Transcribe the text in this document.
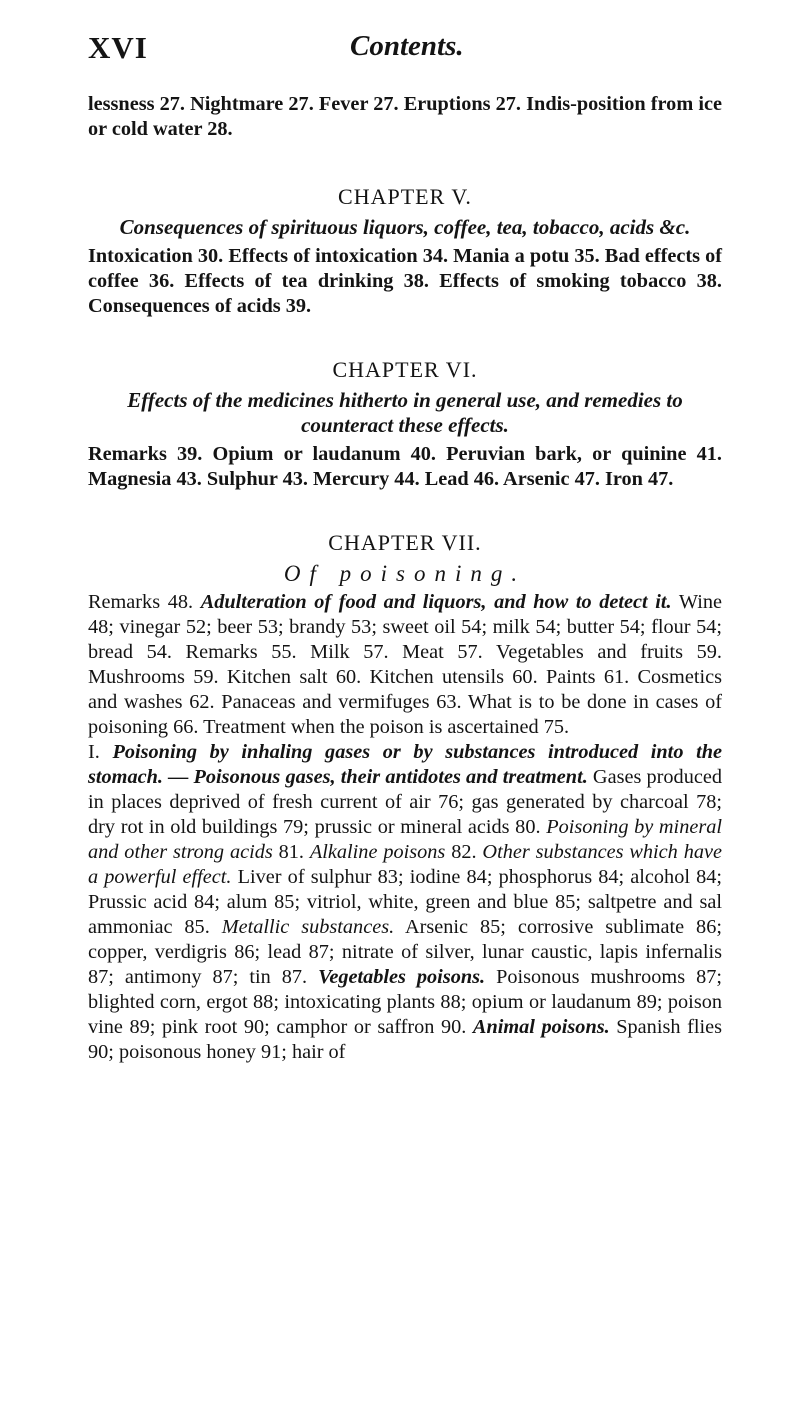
XVI	Contents.

lessness 27. Nightmare 27. Fever 27. Eruptions 27. Indis-position from ice or cold water 28.

CHAPTER V.
Consequences of spirituous liquors, coffee, tea, tobacco, acids &c.

Intoxication 30. Effects of intoxication 34. Mania a potu 35. Bad effects of coffee 36. Effects of tea drinking 38. Effects of smoking tobacco 38. Consequences of acids 39.

CHAPTER VI.
Effects of the medicines hitherto in general use, and remedies to counteract these effects.

Remarks 39. Opium or laudanum 40. Peruvian bark, or quinine 41. Magnesia 43. Sulphur 43. Mercury 44. Lead 46. Arsenic 47. Iron 47.

CHAPTER VII.
Of poisoning.

Remarks 48. Adulteration of food and liquors, and how to detect it. Wine 48; vinegar 52; beer 53; brandy 53; sweet oil 54; milk 54; butter 54; flour 54; bread 54. Remarks 55. Milk 57. Meat 57. Vegetables and fruits 59. Mushrooms 59. Kitchen salt 60. Kitchen utensils 60. Paints 61. Cosmetics and washes 62. Panaceas and vermifuges 63. What is to be done in cases of poisoning 66. Treatment when the poison is ascertained 75.

I. Poisoning by inhaling gases or by substances introduced into the stomach. — Poisonous gases, their antidotes and treatment. Gases produced in places deprived of fresh current of air 76; gas generated by charcoal 78; dry rot in old buildings 79; prussic or mineral acids 80. Poisoning by mineral and other strong acids 81. Alkaline poisons 82. Other substances which have a powerful effect. Liver of sulphur 83; iodine 84; phosphorus 84; alcohol 84; Prussic acid 84; alum 85; vitriol, white, green and blue 85; saltpetre and sal ammoniac 85. Metallic substances. Arsenic 85; corrosive sublimate 86; copper, verdigris 86; lead 87; nitrate of silver, lunar caustic, lapis infernalis 87; antimony 87; tin 87. Vegetables poisons. Poisonous mushrooms 87; blighted corn, ergot 88; intoxicating plants 88; opium or laudanum 89; poison vine 89; pink root 90; camphor or saffron 90. Animal poisons. Spanish flies 90; poisonous honey 91; hair of
